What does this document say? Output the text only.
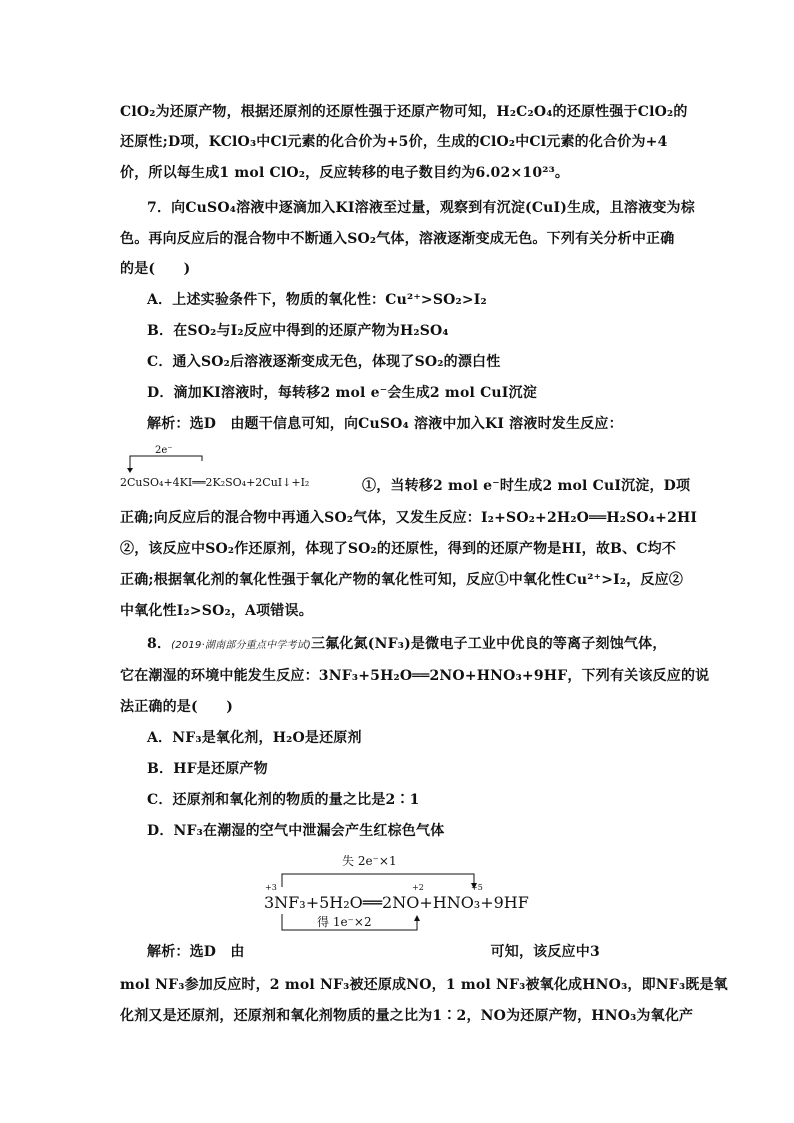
ClO₂为还原产物，根据还原剂的还原性强于还原产物可知，H₂C₂O₄的还原性强于ClO₂的
还原性;D项，KClO₃中Cl元素的化合价为+5价，生成的ClO₂中Cl元素的化合价为+4
价，所以每生成1 mol ClO₂，反应转移的电子数目约为6.02×10²³。
7．向CuSO₄溶液中逐滴加入KI溶液至过量，观察到有沉淀(CuI)生成，且溶液变为棕
色。再向反应后的混合物中不断通入SO₂气体，溶液逐渐变成无色。下列有关分析中正确
的是(　　)
A．上述实验条件下，物质的氧化性：Cu²⁺>SO₂>I₂
B．在SO₂与I₂反应中得到的还原产物为H₂SO₄
C．通入SO₂后溶液逐渐变成无色，体现了SO₂的漂白性
D．滴加KI溶液时，每转移2 mol e⁻会生成2 mol CuI沉淀
解析：选D　由题干信息可知，向CuSO₄ 溶液中加入KI 溶液时发生反应：
2e⁻
2CuSO₄+4KI══2K₂SO₄+2CuI↓+I₂	①，当转移2 mol e⁻时生成2 mol CuI沉淀，D项
正确;向反应后的混合物中再通入SO₂气体，又发生反应：I₂+SO₂+2H₂O══H₂SO₄+2HI
②，该反应中SO₂作还原剂，体现了SO₂的还原性，得到的还原产物是HI，故B、C均不
正确;根据氧化剂的氧化性强于氧化产物的氧化性可知，反应①中氧化性Cu²⁺>I₂，反应②
中氧化性I₂>SO₂，A项错误。
8．(2019·湖南部分重点中学考试)三氟化氮(NF₃)是微电子工业中优良的等离子刻蚀气体，
它在潮湿的环境中能发生反应：3NF₃+5H₂O══2NO+HNO₃+9HF，下列有关该反应的说
法正确的是(　　)
A．NF₃是氧化剂，H₂O是还原剂
B．HF是还原产物
C．还原剂和氧化剂的物质的量之比是2∶1
D．NF₃在潮湿的空气中泄漏会产生红棕色气体
失 2e⁻×1
+3	+2	+5
3NF₃+5H₂O══2NO+HNO₃+9HF
得 1e⁻×2
解析：选D　由	可知，该反应中3
mol NF₃参加反应时，2 mol NF₃被还原成NO，1 mol NF₃被氧化成HNO₃，即NF₃既是氧
化剂又是还原剂，还原剂和氧化剂物质的量之比为1∶2，NO为还原产物，HNO₃为氧化产
